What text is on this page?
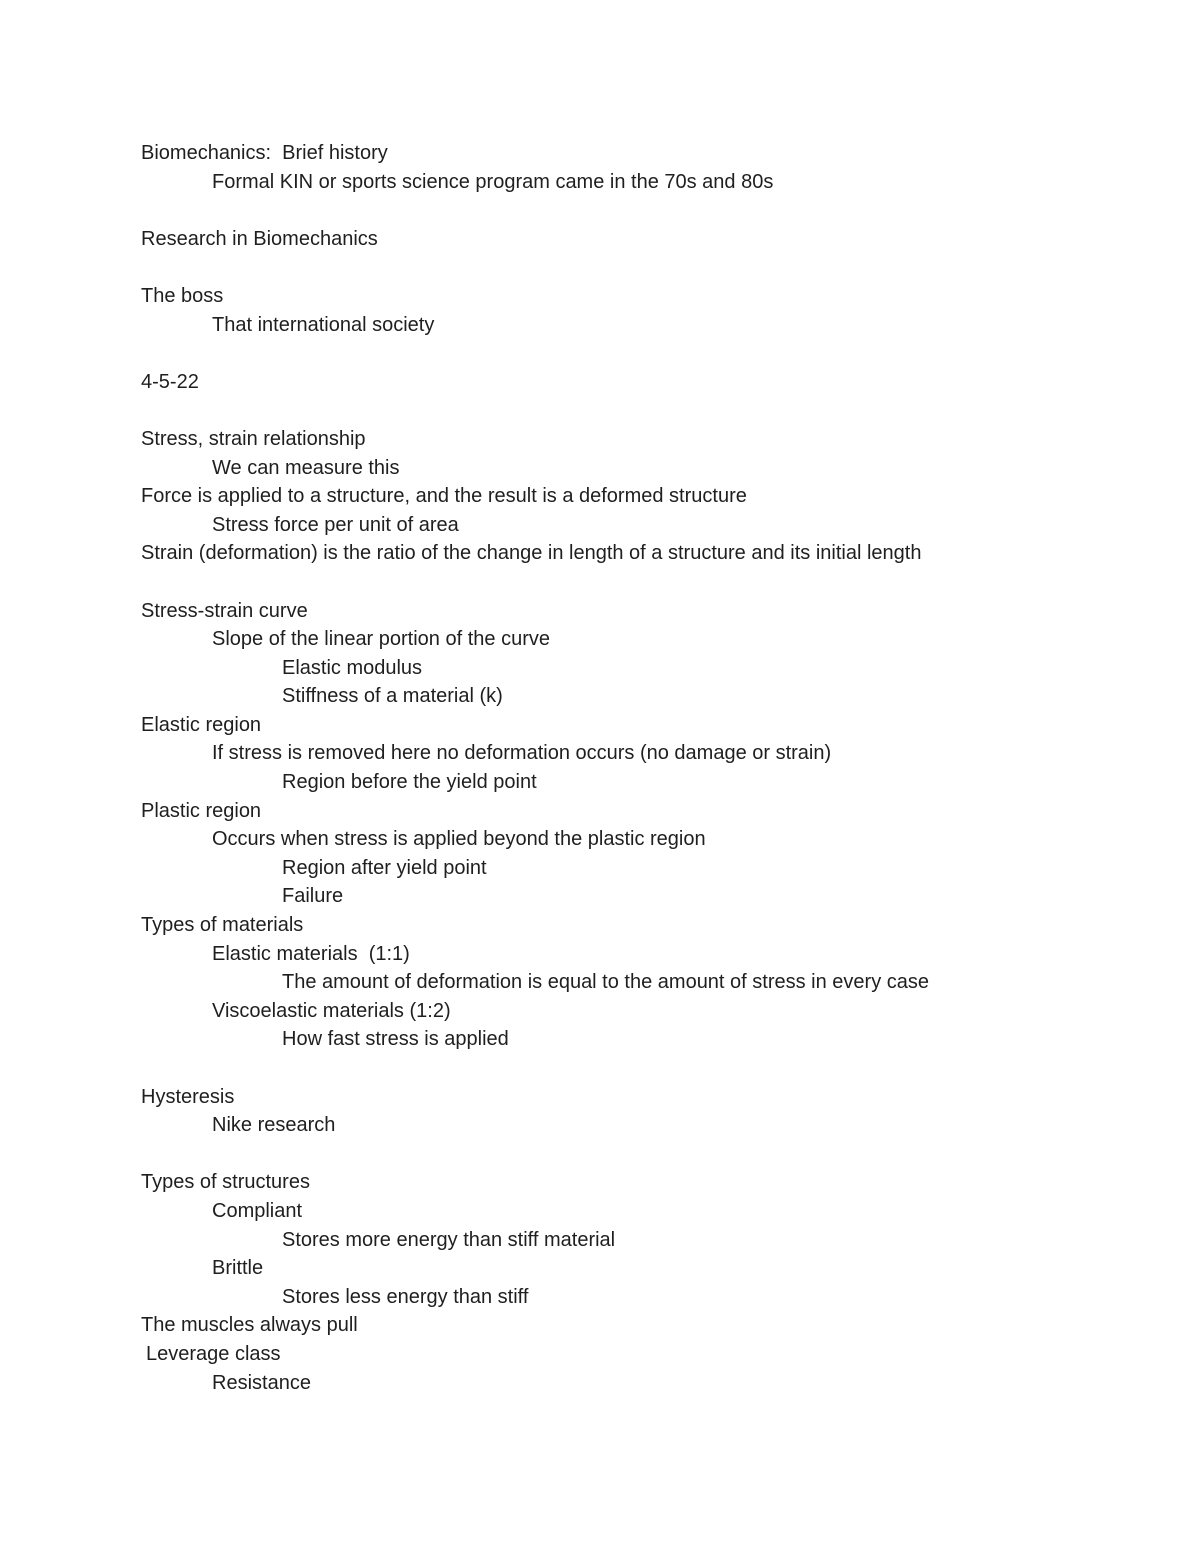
Biomechanics:  Brief history
Formal KIN or sports science program came in the 70s and 80s
Research in Biomechanics
The boss
That international society
4-5-22
Stress, strain relationship
We can measure this
Force is applied to a structure, and the result is a deformed structure
Stress force per unit of area
Strain (deformation) is the ratio of the change in length of a structure and its initial length
Stress-strain curve
Slope of the linear portion of the curve
Elastic modulus
Stiffness of a material (k)
Elastic region
If stress is removed here no deformation occurs (no damage or strain)
Region before the yield point
Plastic region
Occurs when stress is applied beyond the plastic region
Region after yield point
Failure
Types of materials
Elastic materials  (1:1)
The amount of deformation is equal to the amount of stress in every case
Viscoelastic materials (1:2)
How fast stress is applied
Hysteresis
Nike research
Types of structures
Compliant
Stores more energy than stiff material
Brittle
Stores less energy than stiff
The muscles always pull
Leverage class
Resistance
